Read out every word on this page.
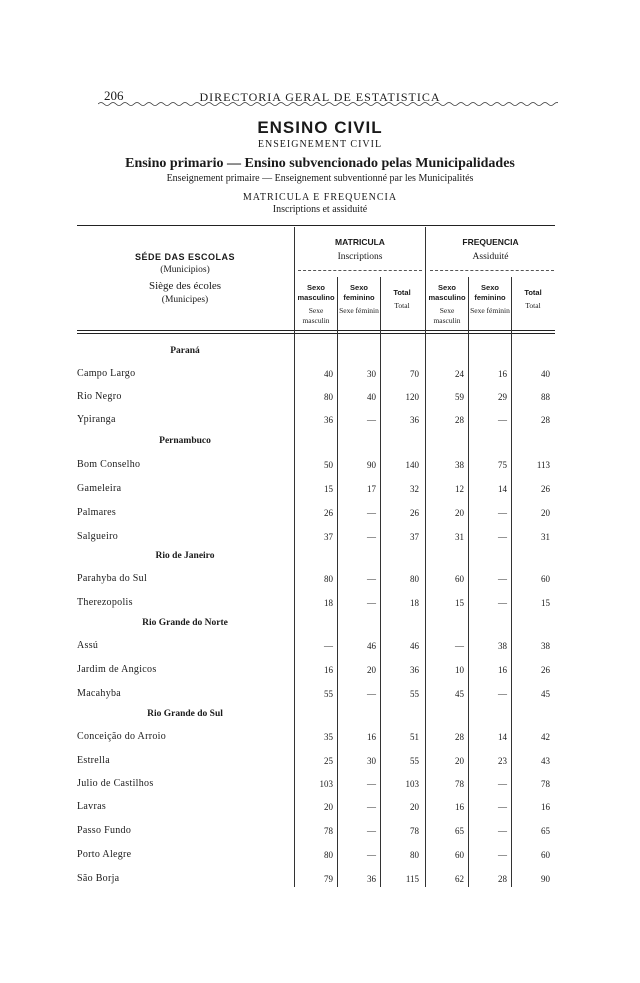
206	DIRECTORIA GERAL DE ESTATISTICA
ENSINO CIVIL
ENSEIGNEMENT CIVIL
Ensino primario — Ensino subvencionado pelas Municipalidades
Enseignement primaire — Enseignement subventionné par les Municipalités
MATRICULA E FREQUENCIA
Inscriptions et assiduité
SÉDE DAS ESCOLAS
(Municipios)
Siège des écoles
(Municipes)
MATRICULA
Inscriptions
FREQUENCIA
Assiduité
Sexo masculino
Sexe masculin
Sexo feminino
Sexe féminin
Total
Total
Sexo masculino
Sexe masculin
Sexo feminino
Sexe féminin
Total
Total
Paraná
Campo Largo	40	30	70	24	16	40
Rio Negro	80	40	120	59	29	88
Ypiranga	36	—	36	28	—	28
Pernambuco
Bom Conselho	50	90	140	38	75	113
Gameleira	15	17	32	12	14	26
Palmares	26	—	26	20	—	20
Salgueiro	37	—	37	31	—	31
Rio de Janeiro
Parahyba do Sul	80	—	80	60	—	60
Therezopolis	18	—	18	15	—	15
Rio Grande do Norte
Assú	—	46	46	—	38	38
Jardim de Angicos	16	20	36	10	16	26
Macahyba	55	—	55	45	—	45
Rio Grande do Sul
Conceição do Arroio	35	16	51	28	14	42
Estrella	25	30	55	20	23	43
Julio de Castilhos	103	—	103	78	—	78
Lavras	20	—	20	16	—	16
Passo Fundo	78	—	78	65	—	65
Porto Alegre	80	—	80	60	—	60
São Borja	79	36	115	62	28	90
